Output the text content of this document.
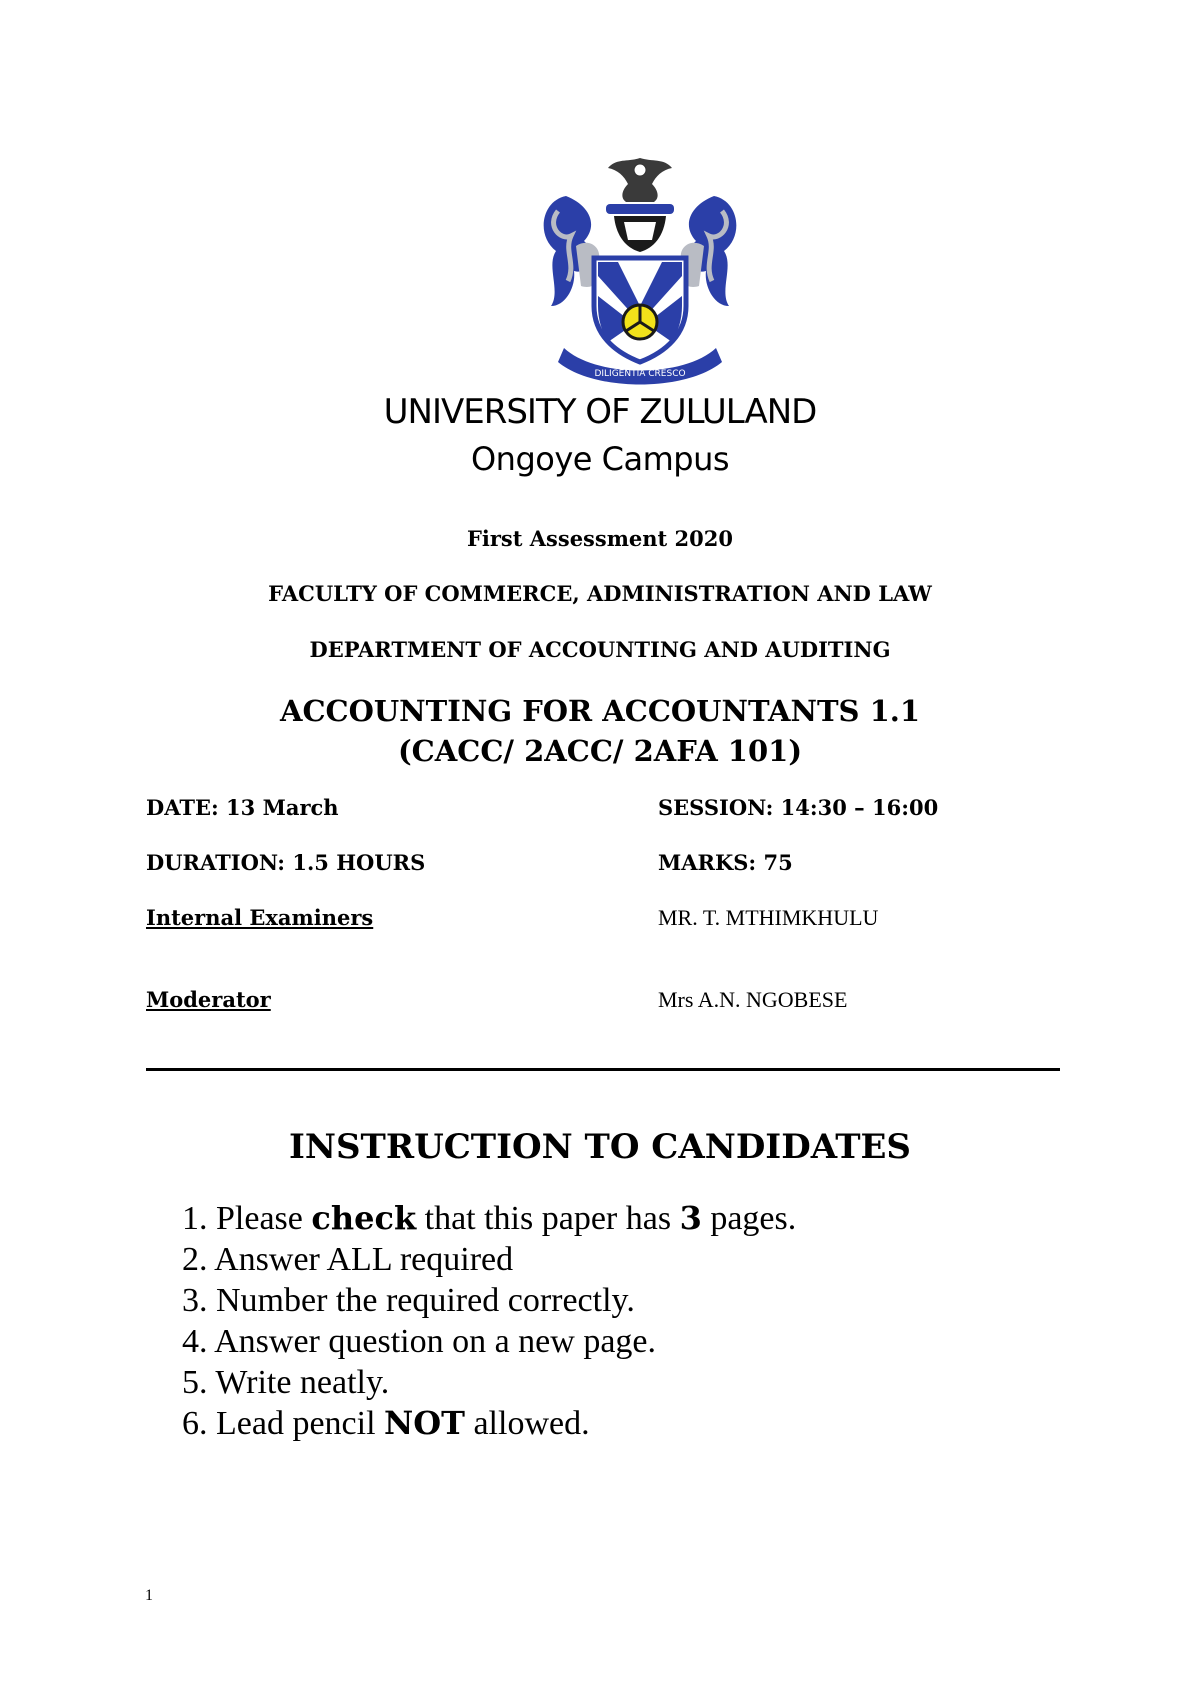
DILIGENTIA CRESCO
UNIVERSITY OF ZULULAND
Ongoye Campus
First Assessment 2020
FACULTY OF COMMERCE, ADMINISTRATION AND LAW
DEPARTMENT OF ACCOUNTING AND AUDITING
ACCOUNTING FOR ACCOUNTANTS 1.1
(CACC/ 2ACC/ 2AFA 101)
DATE: 13 March	SESSION: 14:30 – 16:00
DURATION: 1.5 HOURS	MARKS: 75
Internal Examiners	MR. T. MTHIMKHULU
Moderator	Mrs A.N. NGOBESE
INSTRUCTION TO CANDIDATES
1. Please check that this paper has 3 pages.
2. Answer ALL required
3. Number the required correctly.
4. Answer question on a new page.
5. Write neatly.
6. Lead pencil NOT allowed.
1
